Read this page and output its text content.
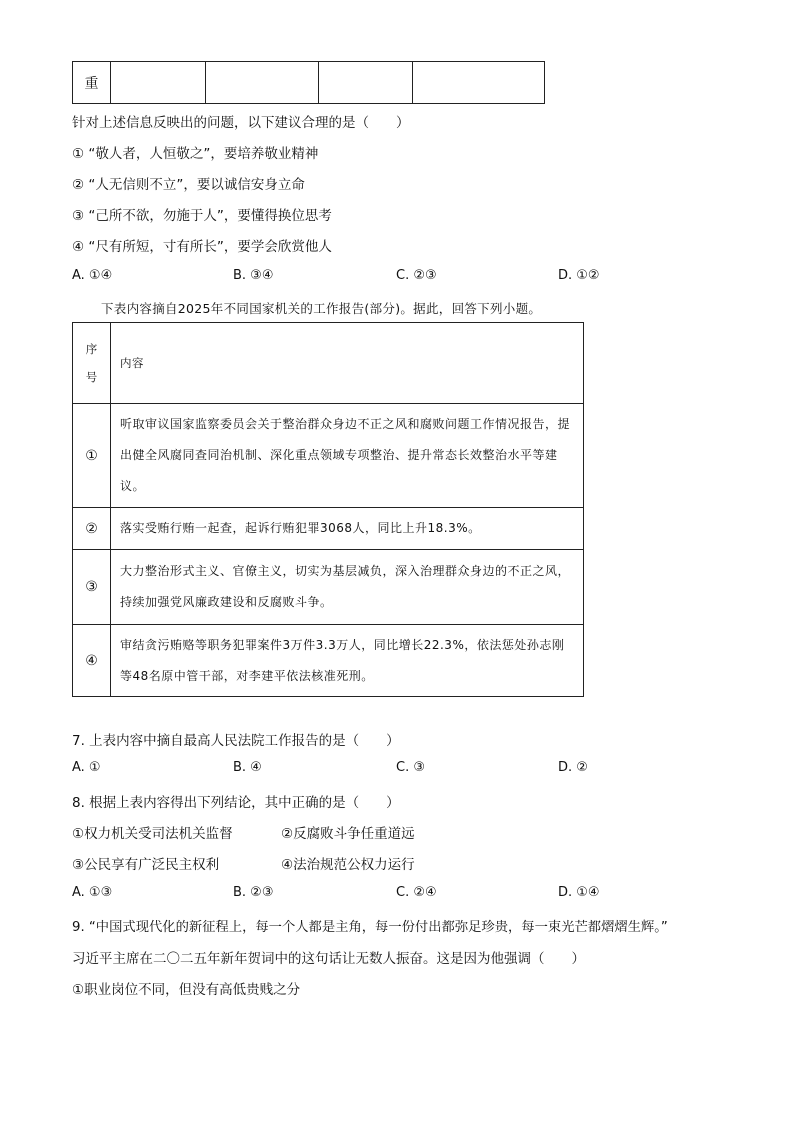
重				
针对上述信息反映出的问题，以下建议合理的是（　　）
① “敬人者，人恒敬之”，要培养敬业精神
② “人无信则不立”，要以诚信安身立命
③ “己所不欲，勿施于人”，要懂得换位思考
④ “尺有所短，寸有所长”，要学会欣赏他人
A. ①④	B. ③④	C. ②③	D. ①②
下表内容摘自2025年不同国家机关的工作报告(部分)。据此，回答下列小题。
序
号	内容
①	听取审议国家监察委员会关于整治群众身边不正之风和腐败问题工作情况报告，提出健全风腐同查同治机制、深化重点领域专项整治、提升常态长效整治水平等建议。
②	落实受贿行贿一起查，起诉行贿犯罪3068人，同比上升18.3%。
③	大力整治形式主义、官僚主义，切实为基层减负，深入治理群众身边的不正之风，持续加强党风廉政建设和反腐败斗争。
④	审结贪污贿赂等职务犯罪案件3万件3.3万人，同比增长22.3%，依法惩处孙志刚等48名原中管干部，对李建平依法核准死刑。
7. 上表内容中摘自最高人民法院工作报告的是（　　）
A. ①	B. ④	C. ③	D. ②
8. 根据上表内容得出下列结论，其中正确的是（　　）
①权力机关受司法机关监督	②反腐败斗争任重道远
③公民享有广泛民主权利	④法治规范公权力运行
A. ①③	B. ②③	C. ②④	D. ①④
9. “中国式现代化的新征程上，每一个人都是主角，每一份付出都弥足珍贵，每一束光芒都熠熠生辉。”
习近平主席在二〇二五年新年贺词中的这句话让无数人振奋。这是因为他强调（　　）
①职业岗位不同，但没有高低贵贱之分
